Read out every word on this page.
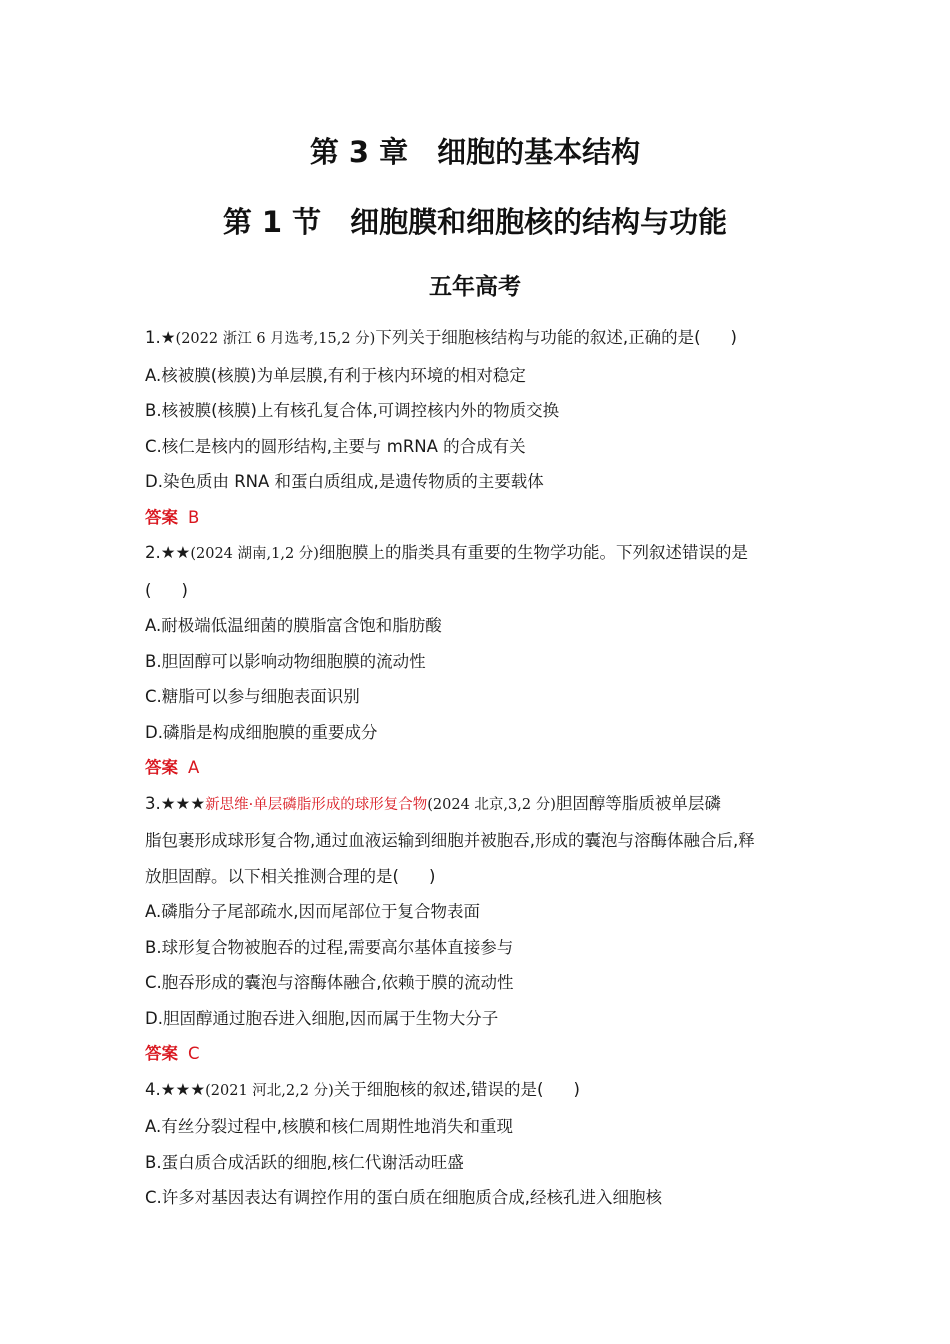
第 3 章　细胞的基本结构
第 1 节　细胞膜和细胞核的结构与功能
五年高考
1.★(2022 浙江 6 月选考,15,2 分)下列关于细胞核结构与功能的叙述,正确的是( )
A.核被膜(核膜)为单层膜,有利于核内环境的相对稳定
B.核被膜(核膜)上有核孔复合体,可调控核内外的物质交换
C.核仁是核内的圆形结构,主要与 mRNA 的合成有关
D.染色质由 RNA 和蛋白质组成,是遗传物质的主要载体
答案 B
2.★★(2024 湖南,1,2 分)细胞膜上的脂类具有重要的生物学功能。下列叙述错误的是
( )
A.耐极端低温细菌的膜脂富含饱和脂肪酸
B.胆固醇可以影响动物细胞膜的流动性
C.糖脂可以参与细胞表面识别
D.磷脂是构成细胞膜的重要成分
答案 A
3.★★★新思维·单层磷脂形成的球形复合物(2024 北京,3,2 分)胆固醇等脂质被单层磷
脂包裹形成球形复合物,通过血液运输到细胞并被胞吞,形成的囊泡与溶酶体融合后,释
放胆固醇。以下相关推测合理的是( )
A.磷脂分子尾部疏水,因而尾部位于复合物表面
B.球形复合物被胞吞的过程,需要高尔基体直接参与
C.胞吞形成的囊泡与溶酶体融合,依赖于膜的流动性
D.胆固醇通过胞吞进入细胞,因而属于生物大分子
答案 C
4.★★★(2021 河北,2,2 分)关于细胞核的叙述,错误的是( )
A.有丝分裂过程中,核膜和核仁周期性地消失和重现
B.蛋白质合成活跃的细胞,核仁代谢活动旺盛
C.许多对基因表达有调控作用的蛋白质在细胞质合成,经核孔进入细胞核
